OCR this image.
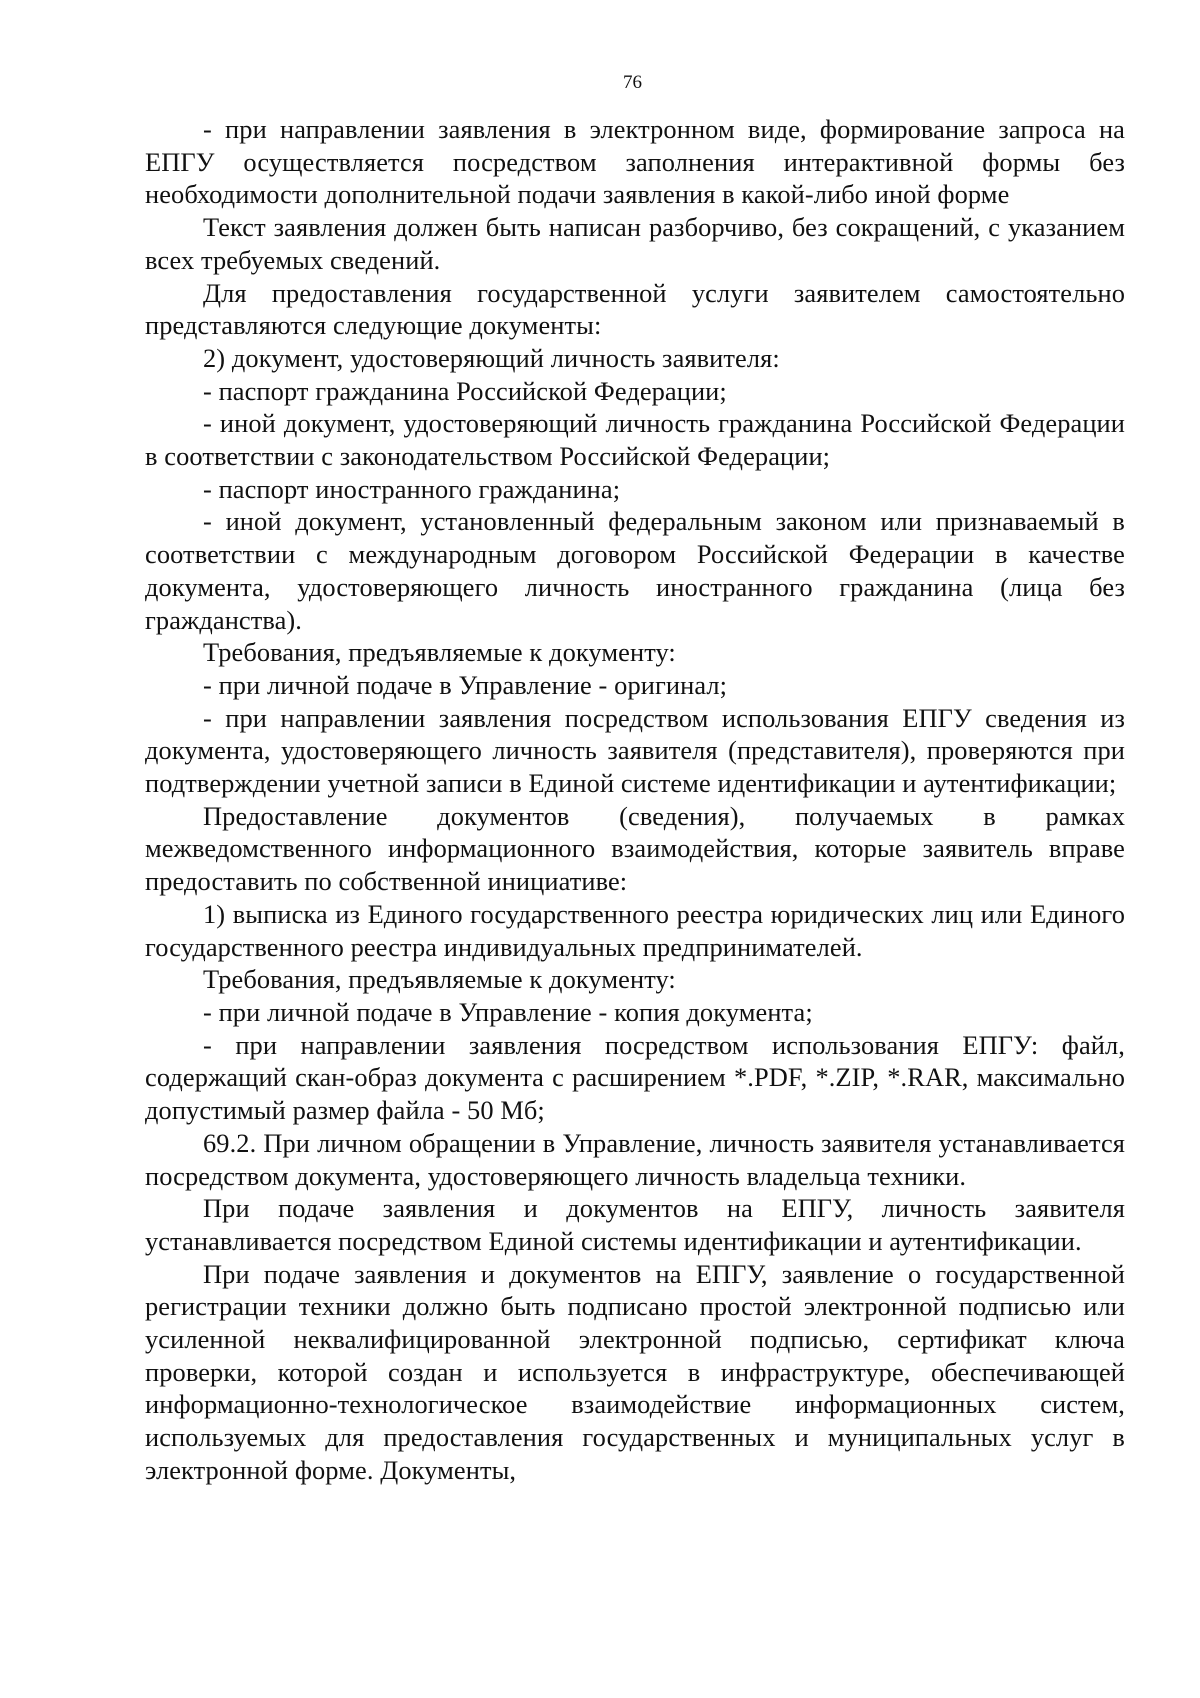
76

- при направлении заявления в электронном виде, формирование запроса на ЕПГУ осуществляется посредством заполнения интерактивной формы без необходимости дополнительной подачи заявления в какой-либо иной форме

Текст заявления должен быть написан разборчиво, без сокращений, с указанием всех требуемых сведений.

Для предоставления государственной услуги заявителем самостоятельно представляются следующие документы:

2) документ, удостоверяющий личность заявителя:

- паспорт гражданина Российской Федерации;

- иной документ, удостоверяющий личность гражданина Российской Федерации в соответствии с законодательством Российской Федерации;

- паспорт иностранного гражданина;

- иной документ, установленный федеральным законом или признаваемый в соответствии с международным договором Российской Федерации в качестве документа, удостоверяющего личность иностранного гражданина (лица без гражданства).

Требования, предъявляемые к документу:

- при личной подаче в Управление - оригинал;

- при направлении заявления посредством использования ЕПГУ сведения из документа, удостоверяющего личность заявителя (представителя), проверяются при подтверждении учетной записи в Единой системе идентификации и аутентификации;

Предоставление документов (сведения), получаемых в рамках межведомственного информационного взаимодействия, которые заявитель вправе предоставить по собственной инициативе:

1) выписка из Единого государственного реестра юридических лиц или Единого государственного реестра индивидуальных предпринимателей.

Требования, предъявляемые к документу:

- при личной подаче в Управление - копия документа;

- при направлении заявления посредством использования ЕПГУ: файл, содержащий скан-образ документа с расширением *.PDF, *.ZIP, *.RAR, максимально допустимый размер файла - 50 Мб;

69.2. При личном обращении в Управление, личность заявителя устанавливается посредством документа, удостоверяющего личность владельца техники.

При подаче заявления и документов на ЕПГУ, личность заявителя устанавливается посредством Единой системы идентификации и аутентификации.

При подаче заявления и документов на ЕПГУ, заявление о государственной регистрации техники должно быть подписано простой электронной подписью или усиленной неквалифицированной электронной подписью, сертификат ключа проверки, которой создан и используется в инфраструктуре, обеспечивающей информационно-технологическое взаимодействие информационных систем, используемых для предоставления государственных и муниципальных услуг в электронной форме. Документы,
